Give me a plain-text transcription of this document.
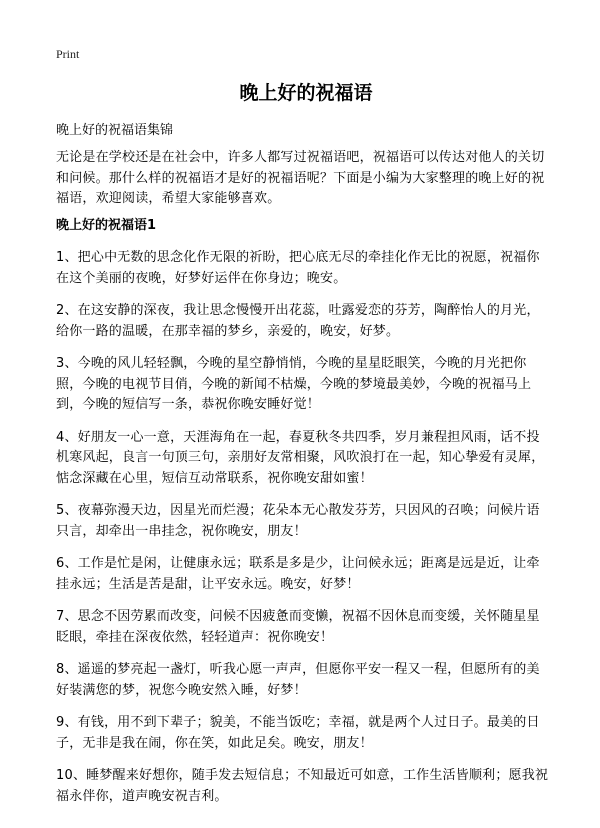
Print
晚上好的祝福语

晚上好的祝福语集锦

无论是在学校还是在社会中，许多人都写过祝福语吧，祝福语可以传达对他人的关切和问候。那什么样的祝福语才是好的祝福语呢？下面是小编为大家整理的晚上好的祝福语，欢迎阅读，希望大家能够喜欢。

晚上好的祝福语1
1、把心中无数的思念化作无限的祈盼，把心底无尽的牵挂化作无比的祝愿，祝福你在这个美丽的夜晚，好梦好运伴在你身边；晚安。
2、在这安静的深夜，我让思念慢慢开出花蕊，吐露爱恋的芬芳，陶醉怡人的月光，给你一路的温暖，在那幸福的梦乡，亲爱的，晚安，好梦。
3、今晚的风儿轻轻飘，今晚的星空静悄悄，今晚的星星眨眼笑，今晚的月光把你照，今晚的电视节目俏，今晚的新闻不枯燥，今晚的梦境最美妙，今晚的祝福马上到，今晚的短信写一条，恭祝你晚安睡好觉！
4、好朋友一心一意，天涯海角在一起，春夏秋冬共四季，岁月兼程担风雨，话不投机寒风起，良言一句顶三句，亲朋好友常相聚，风吹浪打在一起，知心挚爱有灵犀，惦念深藏在心里，短信互动常联系，祝你晚安甜如蜜！
5、夜幕弥漫天边，因星光而烂漫；花朵本无心散发芬芳，只因风的召唤；问候片语只言，却牵出一串挂念，祝你晚安，朋友！
6、工作是忙是闲，让健康永远；联系是多是少，让问候永远；距离是远是近，让牵挂永远；生活是苦是甜，让平安永远。晚安，好梦！
7、思念不因劳累而改变，问候不因疲惫而变懒，祝福不因休息而变缓，关怀随星星眨眼，牵挂在深夜依然，轻轻道声：祝你晚安！
8、遥遥的梦亮起一盏灯，听我心愿一声声，但愿你平安一程又一程，但愿所有的美好装满您的梦，祝您今晚安然入睡，好梦！
9、有钱，用不到下辈子；貌美，不能当饭吃；幸福，就是两个人过日子。最美的日子，无非是我在闹，你在笑，如此足矣。晚安，朋友！
10、睡梦醒来好想你，随手发去短信息；不知最近可如意，工作生活皆顺利；愿我祝福永伴你，道声晚安祝吉利。
